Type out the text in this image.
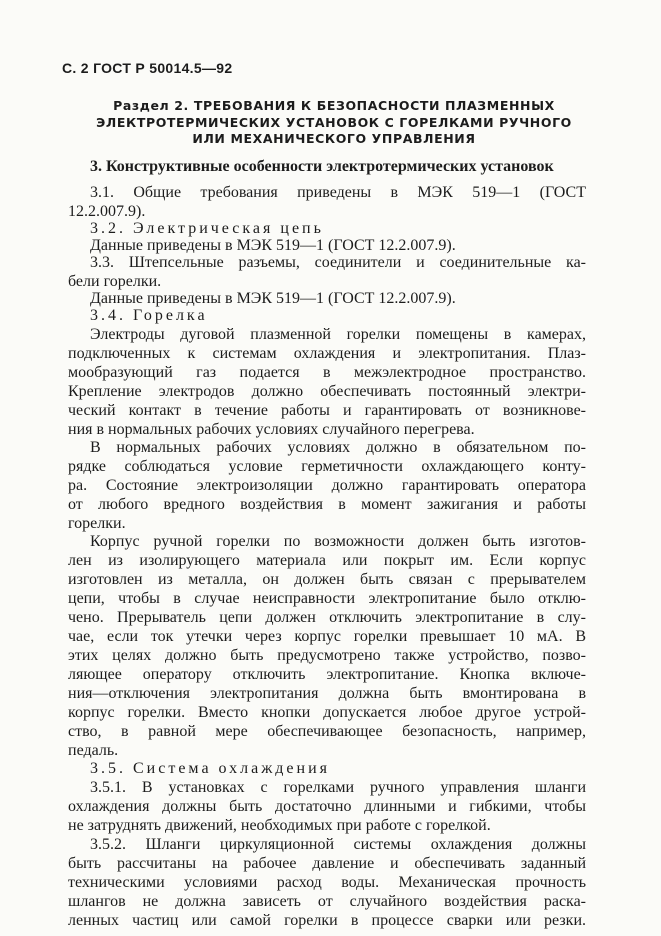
С. 2 ГОСТ Р 50014.5—92
Раздел 2. ТРЕБОВАНИЯ К БЕЗОПАСНОСТИ ПЛАЗМЕННЫХ
ЭЛЕКТРОТЕРМИЧЕСКИХ УСТАНОВОК С ГОРЕЛКАМИ РУЧНОГО
ИЛИ МЕХАНИЧЕСКОГО УПРАВЛЕНИЯ
3. Конструктивные особенности электротермических установок
3.1. Общие требования приведены в МЭК 519—1 (ГОСТ
12.2.007.9).
3.2. Электрическая цепь
Данные приведены в МЭК 519—1 (ГОСТ 12.2.007.9).
3.3. Штепсельные разъемы, соединители и соединительные ка-
бели горелки.
Данные приведены в МЭК 519—1 (ГОСТ 12.2.007.9).
3.4. Горелка
Электроды дуговой плазменной горелки помещены в камерах,
подключенных к системам охлаждения и электропитания. Плаз-
мообразующий газ подается в межэлектродное пространство.
Крепление электродов должно обеспечивать постоянный электри-
ческий контакт в течение работы и гарантировать от возникнове-
ния в нормальных рабочих условиях случайного перегрева.
В нормальных рабочих условиях должно в обязательном по-
рядке соблюдаться условие герметичности охлаждающего конту-
ра. Состояние электроизоляции должно гарантировать оператора
от любого вредного воздействия в момент зажигания и работы
горелки.
Корпус ручной горелки по возможности должен быть изготов-
лен из изолирующего материала или покрыт им. Если корпус
изготовлен из металла, он должен быть связан с прерывателем
цепи, чтобы в случае неисправности электропитание было отклю-
чено. Прерыватель цепи должен отключить электропитание в слу-
чае, если ток утечки через корпус горелки превышает 10 мА. В
этих целях должно быть предусмотрено также устройство, позво-
ляющее оператору отключить электропитание. Кнопка включе-
ния—отключения электропитания должна быть вмонтирована в
корпус горелки. Вместо кнопки допускается любое другое устрой-
ство, в равной мере обеспечивающее безопасность, например,
педаль.
3.5. Система охлаждения
3.5.1. В установках с горелками ручного управления шланги
охлаждения должны быть достаточно длинными и гибкими, чтобы
не затруднять движений, необходимых при работе с горелкой.
3.5.2. Шланги циркуляционной системы охлаждения должны
быть рассчитаны на рабочее давление и обеспечивать заданный
техническими условиями расход воды. Механическая прочность
шлангов не должна зависеть от случайного воздействия раска-
ленных частиц или самой горелки в процессе сварки или резки.
